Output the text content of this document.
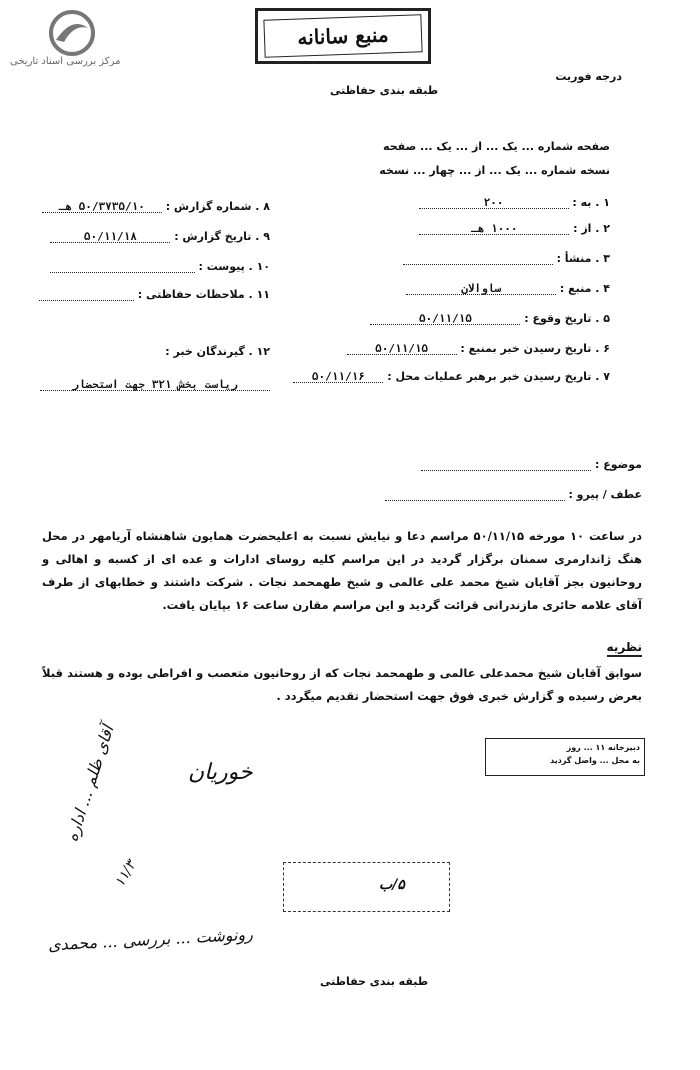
مرکز بررسی اسناد تاریخی
منبع سانانه
طبقه بندی حفاظتی
درجه فوریت
صفحه شماره ... یک ... از ... یک ... صفحه
نسخه شماره ... یک ... از ... چهار ... نسخه
۱ . به : ۲۰۰
۲ . از : ۱۰۰۰ هـ
۳ . منشأ :
۴ . منبع : ساوالان
۵ . تاریخ وقوع : ۵۰/۱۱/۱۵
۶ . تاریخ رسیدن خبر بمنبع : ۵۰/۱۱/۱۵
۷ . تاریخ رسیدن خبر برهبر عملیات محل : ۵۰/۱۱/۱۶
۸ . شماره گزارش : ۵۰/۳۷۳۵/۱۰ هـ
۹ . تاریخ گزارش : ۵۰/۱۱/۱۸
۱۰ . پیوست :
۱۱ . ملاحظات حفاظتی :
۱۲ . گیرندگان خبر :
ریاست بخش ۳۲۱ جهت استحضار
موضوع :
عطف / پیرو :
در ساعت ۱۰ مورخه ۵۰/۱۱/۱۵ مراسم دعا و نیایش نسبت به اعلیحضرت همایون شاهنشاه آریامهر در محل هنگ ژاندارمری سمنان برگزار گردید در این مراسم کلیه روسای ادارات و عده ای از کسبه و اهالی و روحانیون بجز آقایان شیخ محمد علی عالمی و شیخ طهمحمد نجات . شرکت داشتند و خطابهای از طرف آقای علامه حائری مازندرانی قرائت گردید و این مراسم مقارن ساعت ۱۶ بپایان یافت.
نظریه
سوابق آقایان شیخ محمدعلی عالمی و طهمحمد نجات که از روحانیون متعصب و افراطی بوده و هستند قبلاً بعرض رسیده و گزارش خبری فوق جهت استحضار تقدیم میگردد .
دبیرخانه ۱۱ ... روز
به محل ... واصل گردید
خوریان
آقای ظلم ... اداره
۱۱/۳
رونوشت ... بررسی ... محمدی
۵/ب
طبقه بندی حفاظتی
